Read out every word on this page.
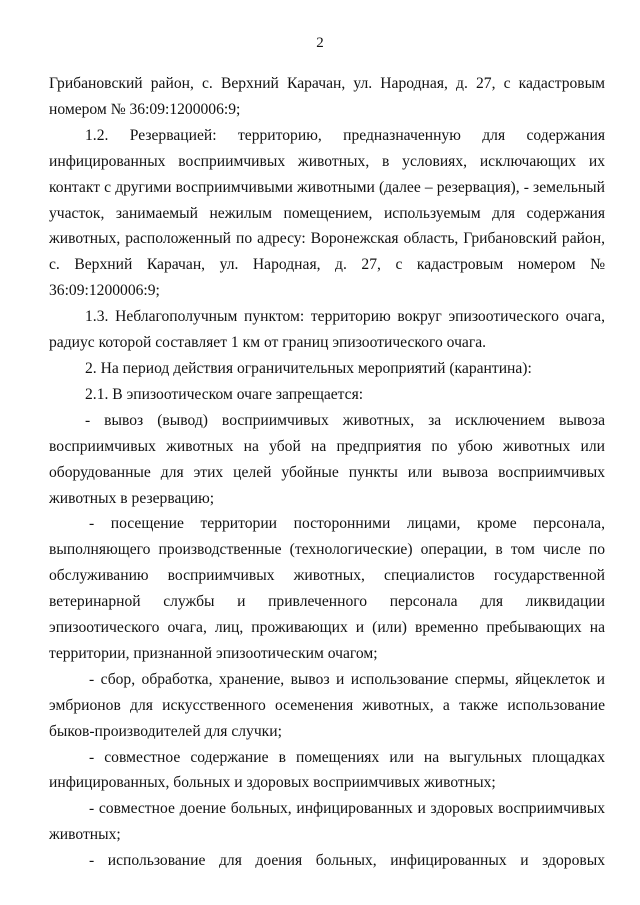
2

Грибановский район, с. Верхний Карачан, ул. Народная, д. 27, с кадастровым номером № 36:09:1200006:9;

1.2. Резервацией: территорию, предназначенную для содержания инфицированных восприимчивых животных, в условиях, исключающих их контакт с другими восприимчивыми животными (далее – резервация), - земельный участок, занимаемый нежилым помещением, используемым для содержания животных, расположенный по адресу: Воронежская область, Грибановский район, с. Верхний Карачан, ул. Народная, д. 27, с кадастровым номером № 36:09:1200006:9;

1.3. Неблагополучным пунктом: территорию вокруг эпизоотического очага, радиус которой составляет 1 км от границ эпизоотического очага.

2. На период действия ограничительных мероприятий (карантина):

2.1. В эпизоотическом очаге запрещается:

- вывоз (вывод) восприимчивых животных, за исключением вывоза восприимчивых животных на убой на предприятия по убою животных или оборудованные для этих целей убойные пункты или вывоза восприимчивых животных в резервацию;

- посещение территории посторонними лицами, кроме персонала, выполняющего производственные (технологические) операции, в том числе по обслуживанию восприимчивых животных, специалистов государственной ветеринарной службы и привлеченного персонала для ликвидации эпизоотического очага, лиц, проживающих и (или) временно пребывающих на территории, признанной эпизоотическим очагом;

- сбор, обработка, хранение, вывоз и использование спермы, яйцеклеток и эмбрионов для искусственного осеменения животных, а также использование быков-производителей для случки;

- совместное содержание в помещениях или на выгульных площадках инфицированных, больных и здоровых восприимчивых животных;

- совместное доение больных, инфицированных и здоровых восприимчивых животных;

- использование для доения больных, инфицированных и здоровых
